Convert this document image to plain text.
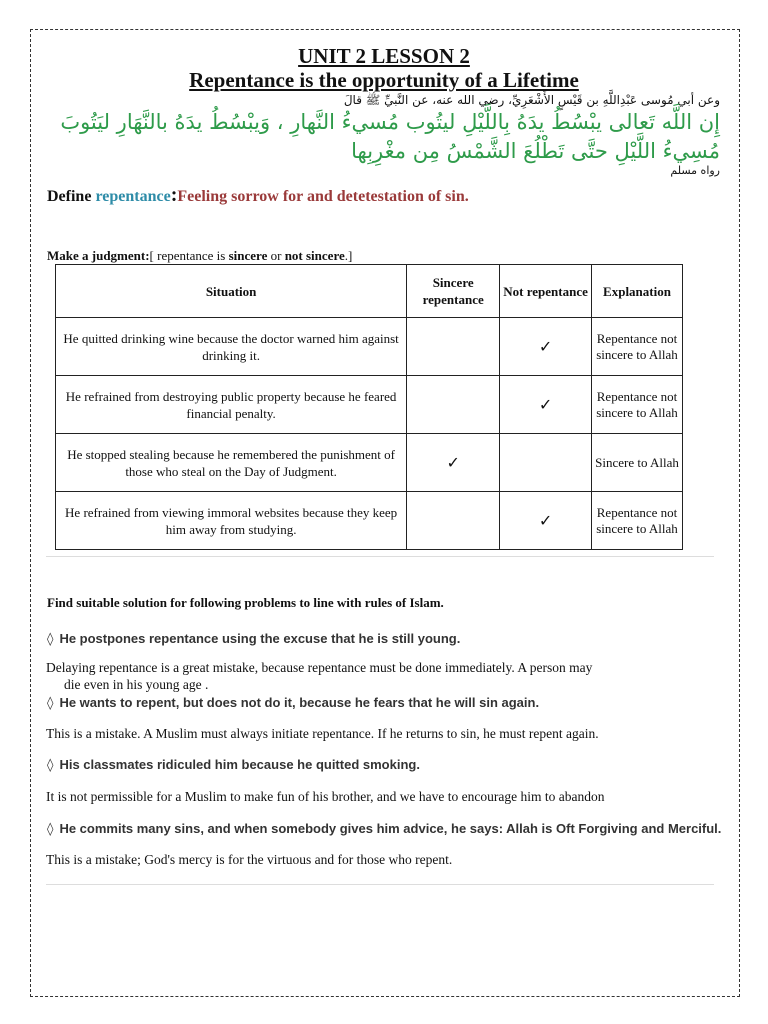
UNIT 2 LESSON 2
Repentance is the opportunity of a Lifetime
وعن أبي مُوسى عَبْدِاللَّهِ بن قَيْسٍ الأَشْعَرِيِّ، رضي الله عنه، عن النَّبيِّ ﷺ قالَ
إِن اللَّه تَعالى يبْسُطُ يدَهُ بِاللَّيْلِ ليتُوب مُسيءُ النَّهارِ ، وَيبْسُطُ يدَهُ بالنَّهَارِ ليَتُوبَ مُسِيءُ اللَّيْلِ حتَّى تَطْلُعَ الشَّمْسُ مِن مغْرِبِها
رواه مسلم
Define repentance:Feeling sorrow for and detetestation of sin.
Make a judgment:[ repentance is sincere or not sincere.]
Situation	Sincere repentance	Not repentance	Explanation
He quitted drinking wine because the doctor warned him against drinking it.		✓	Repentance not sincere to Allah
He refrained from destroying public property because he feared financial penalty.		✓	Repentance not sincere to Allah
He stopped stealing because he remembered the punishment of those who steal on the Day of Judgment.	✓		Sincere to Allah
He refrained from viewing immoral websites because they keep him away from studying.		✓	Repentance not sincere to Allah
Find suitable solution for following problems to line with rules of Islam.
◊ He postpones repentance using the excuse that he is still young.
Delaying repentance is a great mistake, because repentance must be done immediately. A person may
die even in his young age .
◊ He wants to repent, but does not do it, because he fears that he will sin again.
This is a mistake. A Muslim must always initiate repentance. If he returns to sin, he must repent again.
◊ His classmates ridiculed him because he quitted smoking.
It is not permissible for a Muslim to make fun of his brother, and we have to encourage him to abandon
◊ He commits many sins, and when somebody gives him advice, he says: Allah is Oft Forgiving and Merciful.
This is a mistake; God's mercy is for the virtuous and for those who repent.
